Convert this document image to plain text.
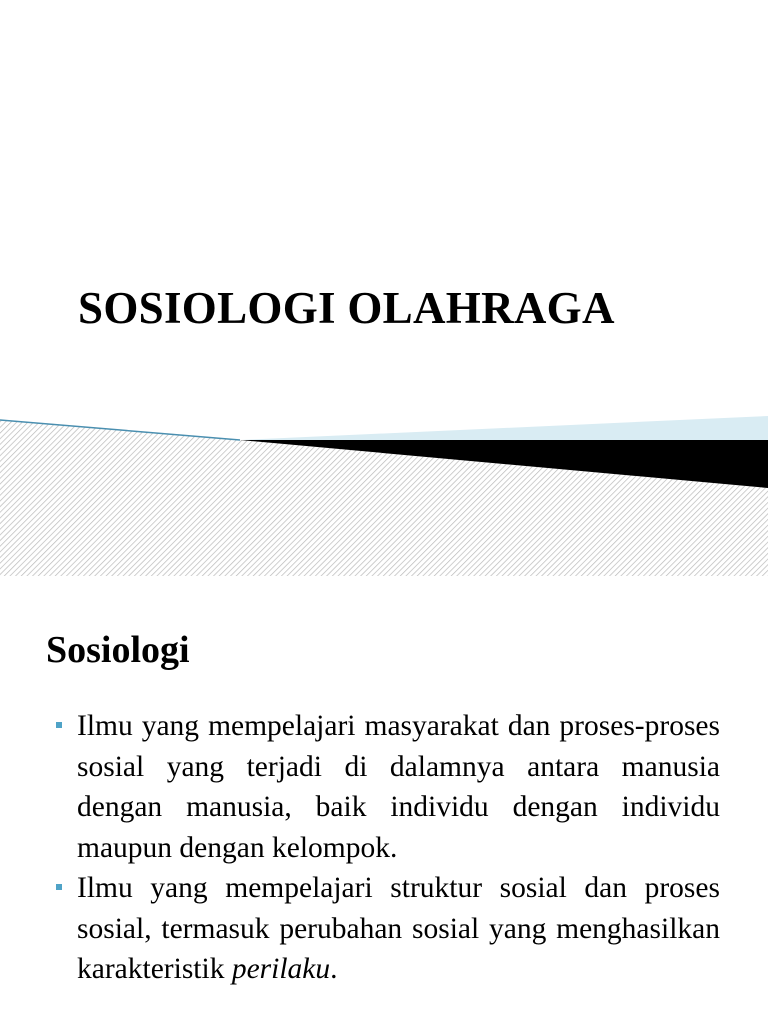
SOSIOLOGI OLAHRAGA
Sosiologi
Ilmu yang mempelajari masyarakat dan proses-proses sosial yang terjadi di dalamnya antara manusia dengan manusia, baik individu dengan individu maupun dengan kelompok.
Ilmu yang mempelajari struktur sosial dan proses sosial, termasuk perubahan sosial yang menghasilkan karakteristik perilaku.
